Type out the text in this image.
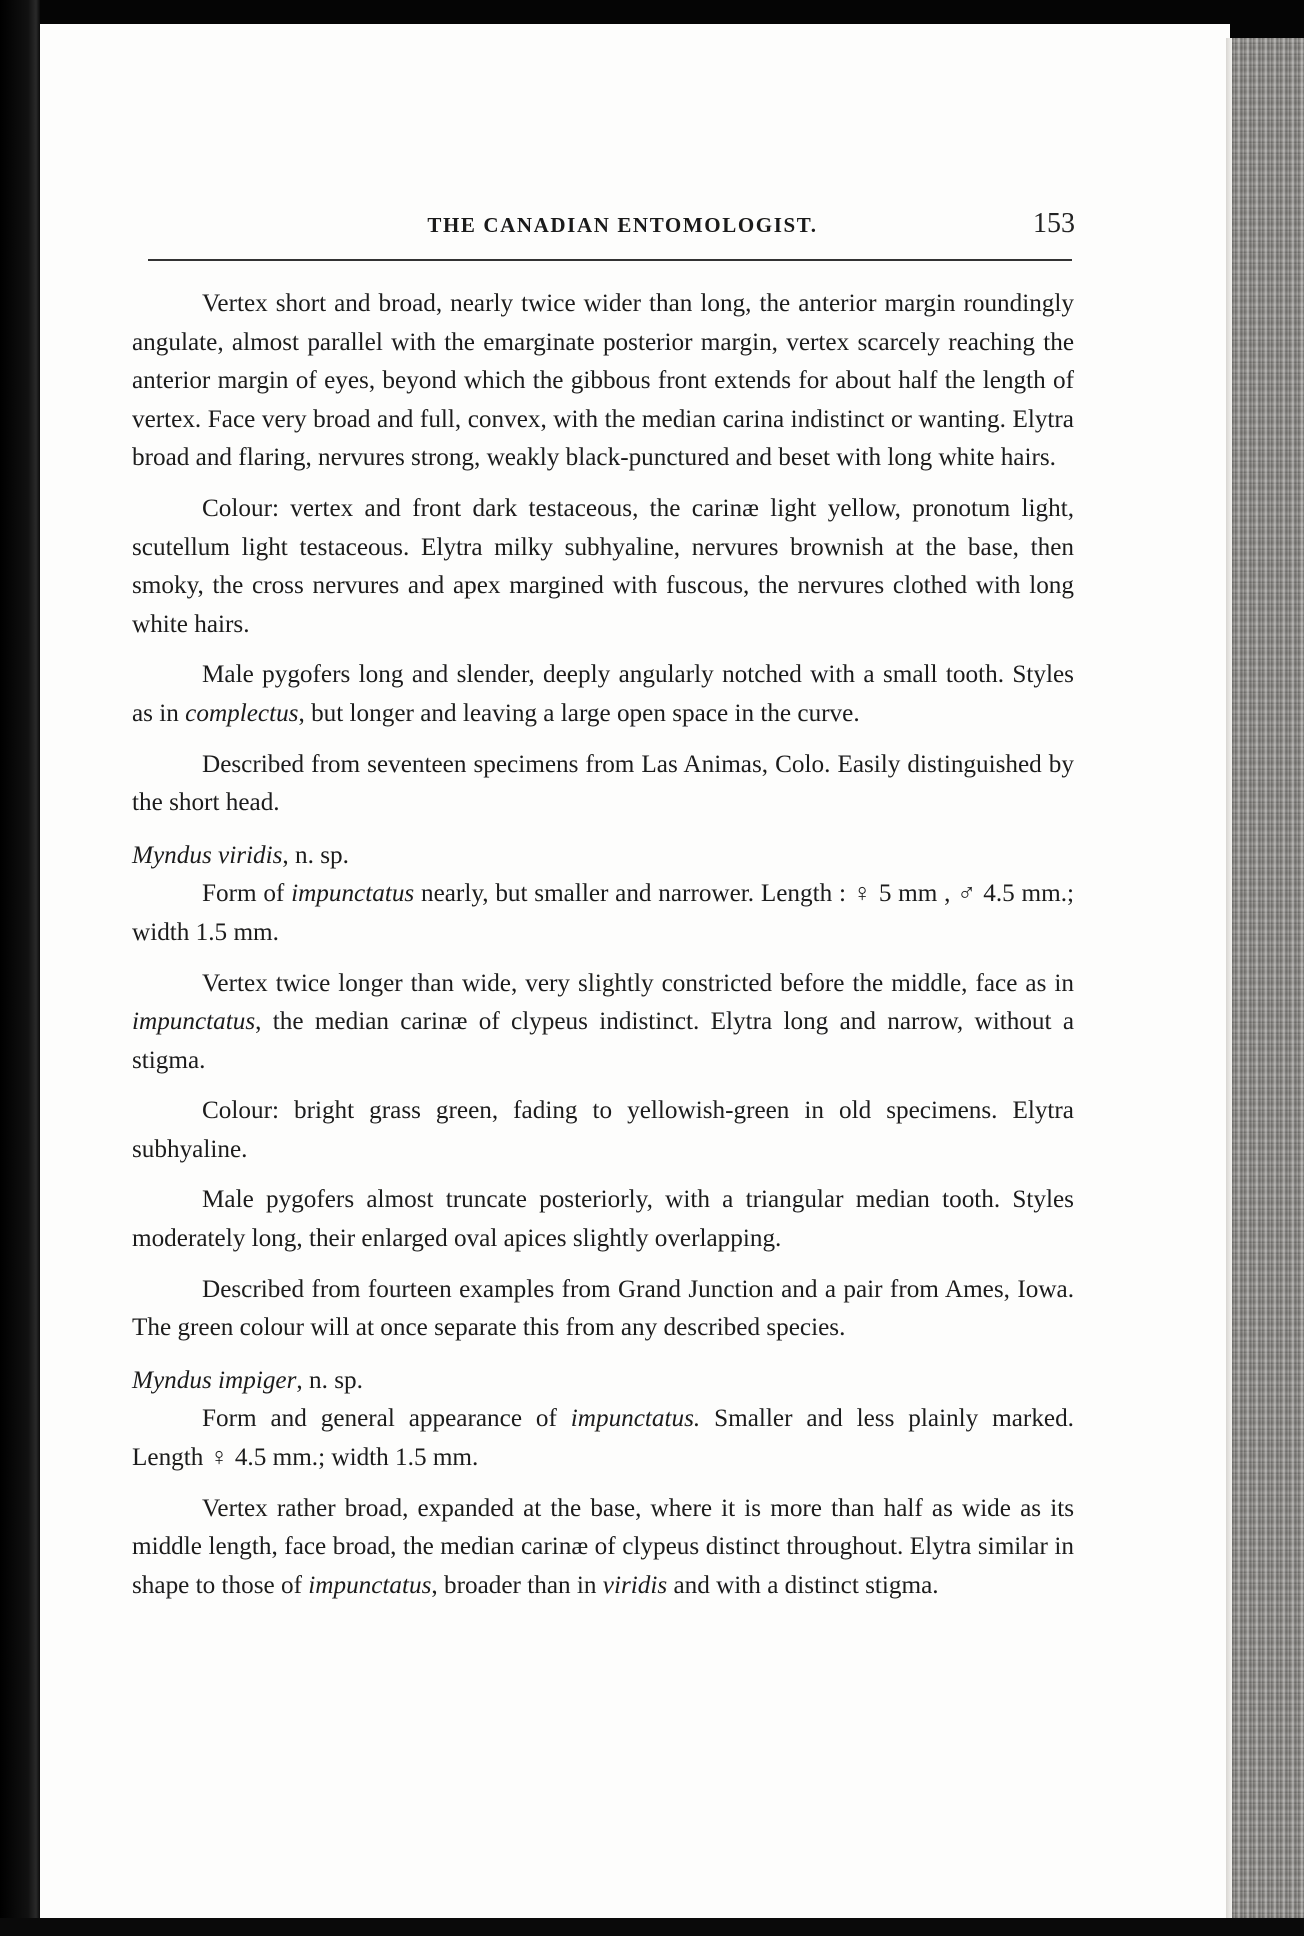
THE CANADIAN ENTOMOLOGIST.	153

Vertex short and broad, nearly twice wider than long, the anterior margin roundingly angulate, almost parallel with the emarginate posterior margin, vertex scarcely reaching the anterior margin of eyes, beyond which the gibbous front extends for about half the length of vertex. Face very broad and full, convex, with the median carina indistinct or wanting. Elytra broad and flaring, nervures strong, weakly black-punctured and beset with long white hairs.

Colour: vertex and front dark testaceous, the carinæ light yellow, pronotum light, scutellum light testaceous. Elytra milky subhyaline, nervures brownish at the base, then smoky, the cross nervures and apex margined with fuscous, the nervures clothed with long white hairs.

Male pygofers long and slender, deeply angularly notched with a small tooth. Styles as in complectus, but longer and leaving a large open space in the curve.

Described from seventeen specimens from Las Animas, Colo. Easily distinguished by the short head.

Myndus viridis, n. sp.

Form of impunctatus nearly, but smaller and narrower. Length : ♀ 5 mm , ♂ 4.5 mm.; width 1.5 mm.

Vertex twice longer than wide, very slightly constricted before the middle, face as in impunctatus, the median carinæ of clypeus indistinct. Elytra long and narrow, without a stigma.

Colour: bright grass green, fading to yellowish-green in old specimens. Elytra subhyaline.

Male pygofers almost truncate posteriorly, with a triangular median tooth. Styles moderately long, their enlarged oval apices slightly overlapping.

Described from fourteen examples from Grand Junction and a pair from Ames, Iowa. The green colour will at once separate this from any described species.

Myndus impiger, n. sp.

Form and general appearance of impunctatus. Smaller and less plainly marked. Length ♀ 4.5 mm.; width 1.5 mm.

Vertex rather broad, expanded at the base, where it is more than half as wide as its middle length, face broad, the median carinæ of clypeus distinct throughout. Elytra similar in shape to those of impunctatus, broader than in viridis and with a distinct stigma.
